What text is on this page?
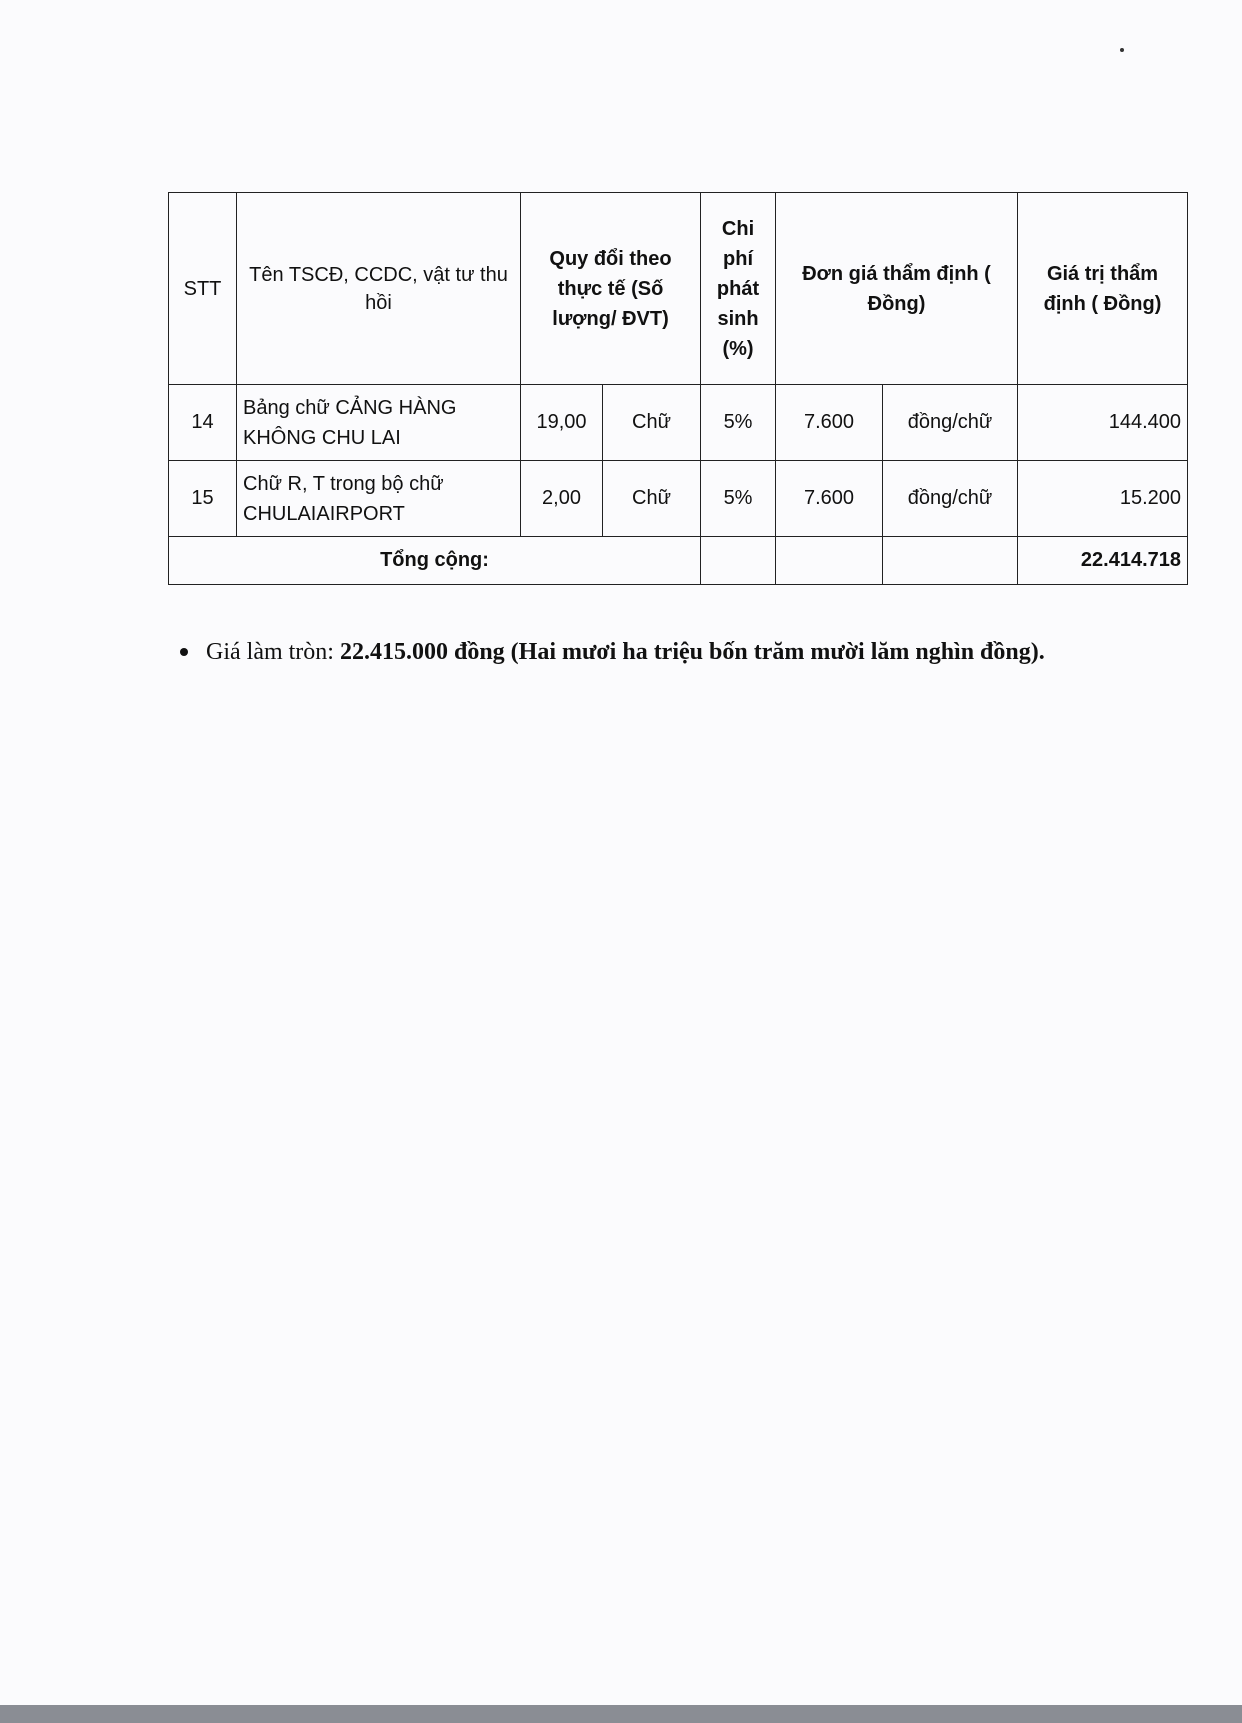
STT	Tên TSCĐ, CCDC, vật tư thu hồi	Quy đổi theo thực tế (Số lượng/ ĐVT)		Chi phí phát sinh (%)	Đơn giá thẩm định ( Đồng)		Giá trị thẩm định ( Đồng)
14	Bảng chữ CẢNG HÀNG KHÔNG CHU LAI	19,00	Chữ	5%	7.600	đồng/chữ	144.400
15	Chữ R, T trong bộ chữ CHULAIAIRPORT	2,00	Chữ	5%	7.600	đồng/chữ	15.200
Tổng cộng:							22.414.718
Giá làm tròn: 22.415.000 đồng (Hai mươi ha triệu bốn trăm mười lăm nghìn đồng).
